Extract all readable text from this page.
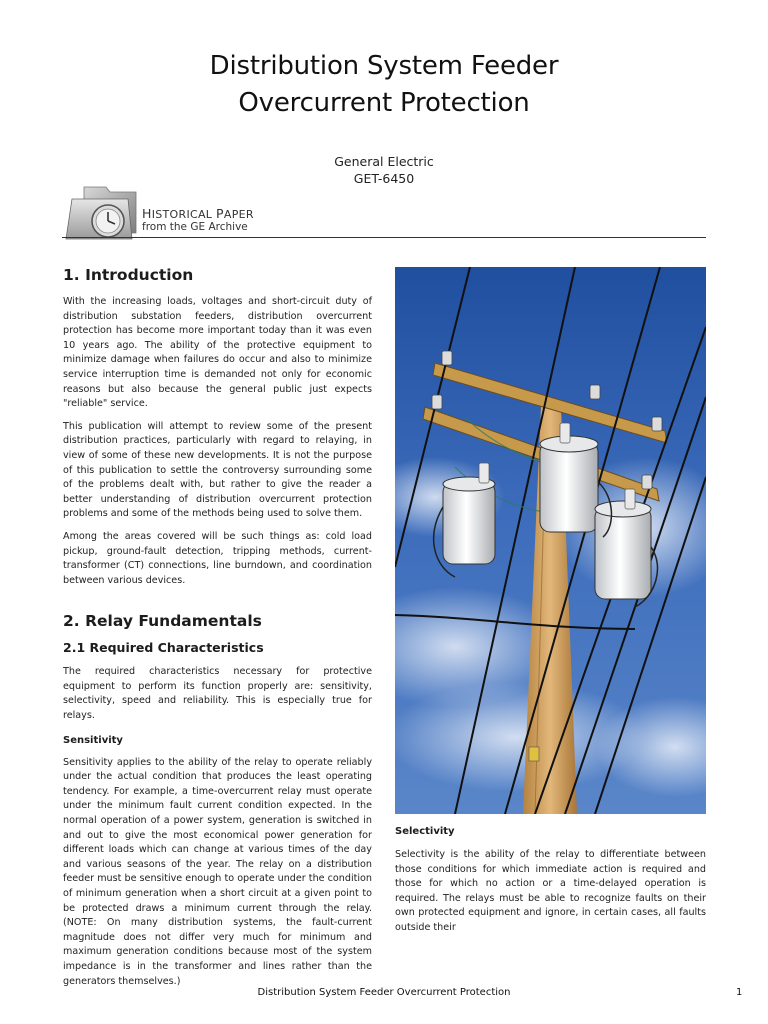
Distribution System Feeder
Overcurrent Protection
General Electric
GET-6450
HISTORICAL PAPER
from the GE Archive
1. Introduction

With the increasing loads, voltages and short-circuit duty of distribution substation feeders, distribution overcurrent protection has become more important today than it was even 10 years ago. The ability of the protective equipment to minimize damage when failures do occur and also to minimize service interruption time is demanded not only for economic reasons but also because the general public just expects "reliable" service.

This publication will attempt to review some of the present distribution practices, particularly with regard to relaying, in view of some of these new developments. It is not the purpose of this publication to settle the controversy surrounding some of the problems dealt with, but rather to give the reader a better understanding of distribution overcurrent protection problems and some of the methods being used to solve them.

Among the areas covered will be such things as: cold load pickup, ground-fault detection, tripping methods, current-transformer (CT) connections, line burndown, and coordination between various devices.

2. Relay Fundamentals
2.1 Required Characteristics

The required characteristics necessary for protective equipment to perform its function properly are: sensitivity, selectivity, speed and reliability. This is especially true for relays.

Sensitivity

Sensitivity applies to the ability of the relay to operate reliably under the actual condition that produces the least operating tendency. For example, a time-overcurrent relay must operate under the minimum fault current condition expected. In the normal operation of a power system, generation is switched in and out to give the most economical power generation for different loads which can change at various times of the day and various seasons of the year. The relay on a distribution feeder must be sensitive enough to operate under the condition of minimum generation when a short circuit at a given point to be protected draws a minimum current through the relay. (NOTE: On many distribution systems, the fault-current magnitude does not differ very much for minimum and maximum generation conditions because most of the system impedance is in the transformer and lines rather than the generators themselves.)

Selectivity

Selectivity is the ability of the relay to differentiate between those conditions for which immediate action is required and those for which no action or a time-delayed operation is required. The relays must be able to recognize faults on their own protected equipment and ignore, in certain cases, all faults outside their

Distribution System Feeder Overcurrent Protection	1
